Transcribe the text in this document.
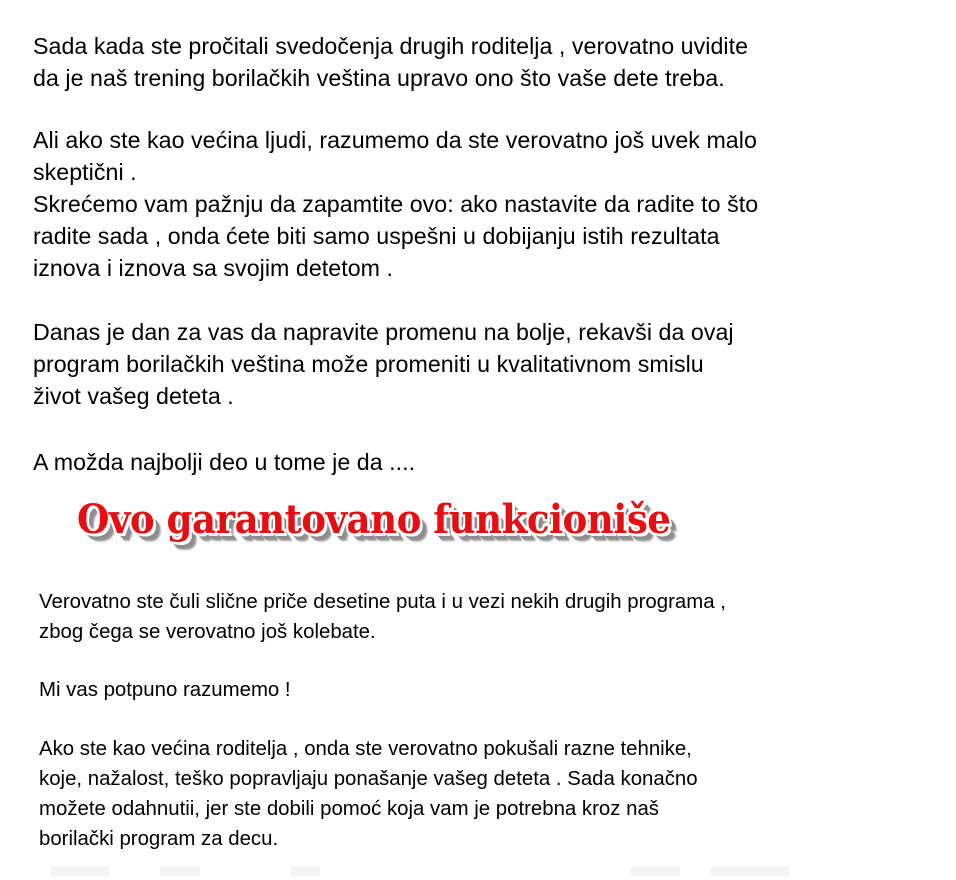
Sada kada ste pročitali svedočenja drugih roditelja , verovatno uvidite
da je naš trening borilačkih veština upravo ono što vaše dete treba.
Ali ako ste kao većina ljudi, razumemo da ste verovatno još uvek malo
skeptični .
Skrećemo vam pažnju da zapamtite ovo: ako nastavite da radite to što
radite sada , onda ćete biti samo uspešni u dobijanju istih rezultata
iznova i iznova sa svojim detetom .
Danas je dan za vas da napravite promenu na bolje, rekavši da ovaj
program borilačkih veština može promeniti u kvalitativnom smislu
život vašeg deteta .
A možda najbolji deo u tome je da ....
Ovo garantovano funkcioniše
Verovatno ste čuli slične priče desetine puta i u vezi nekih drugih programa ,
zbog čega se verovatno još kolebate.
Mi vas potpuno razumemo !
Ako ste kao većina roditelja , onda ste verovatno pokušali razne tehnike,
koje, nažalost, teško popravljaju ponašanje vašeg deteta . Sada konačno
možete odahnutii, jer ste dobili pomoć koja vam je potrebna kroz naš
borilački program za decu.
